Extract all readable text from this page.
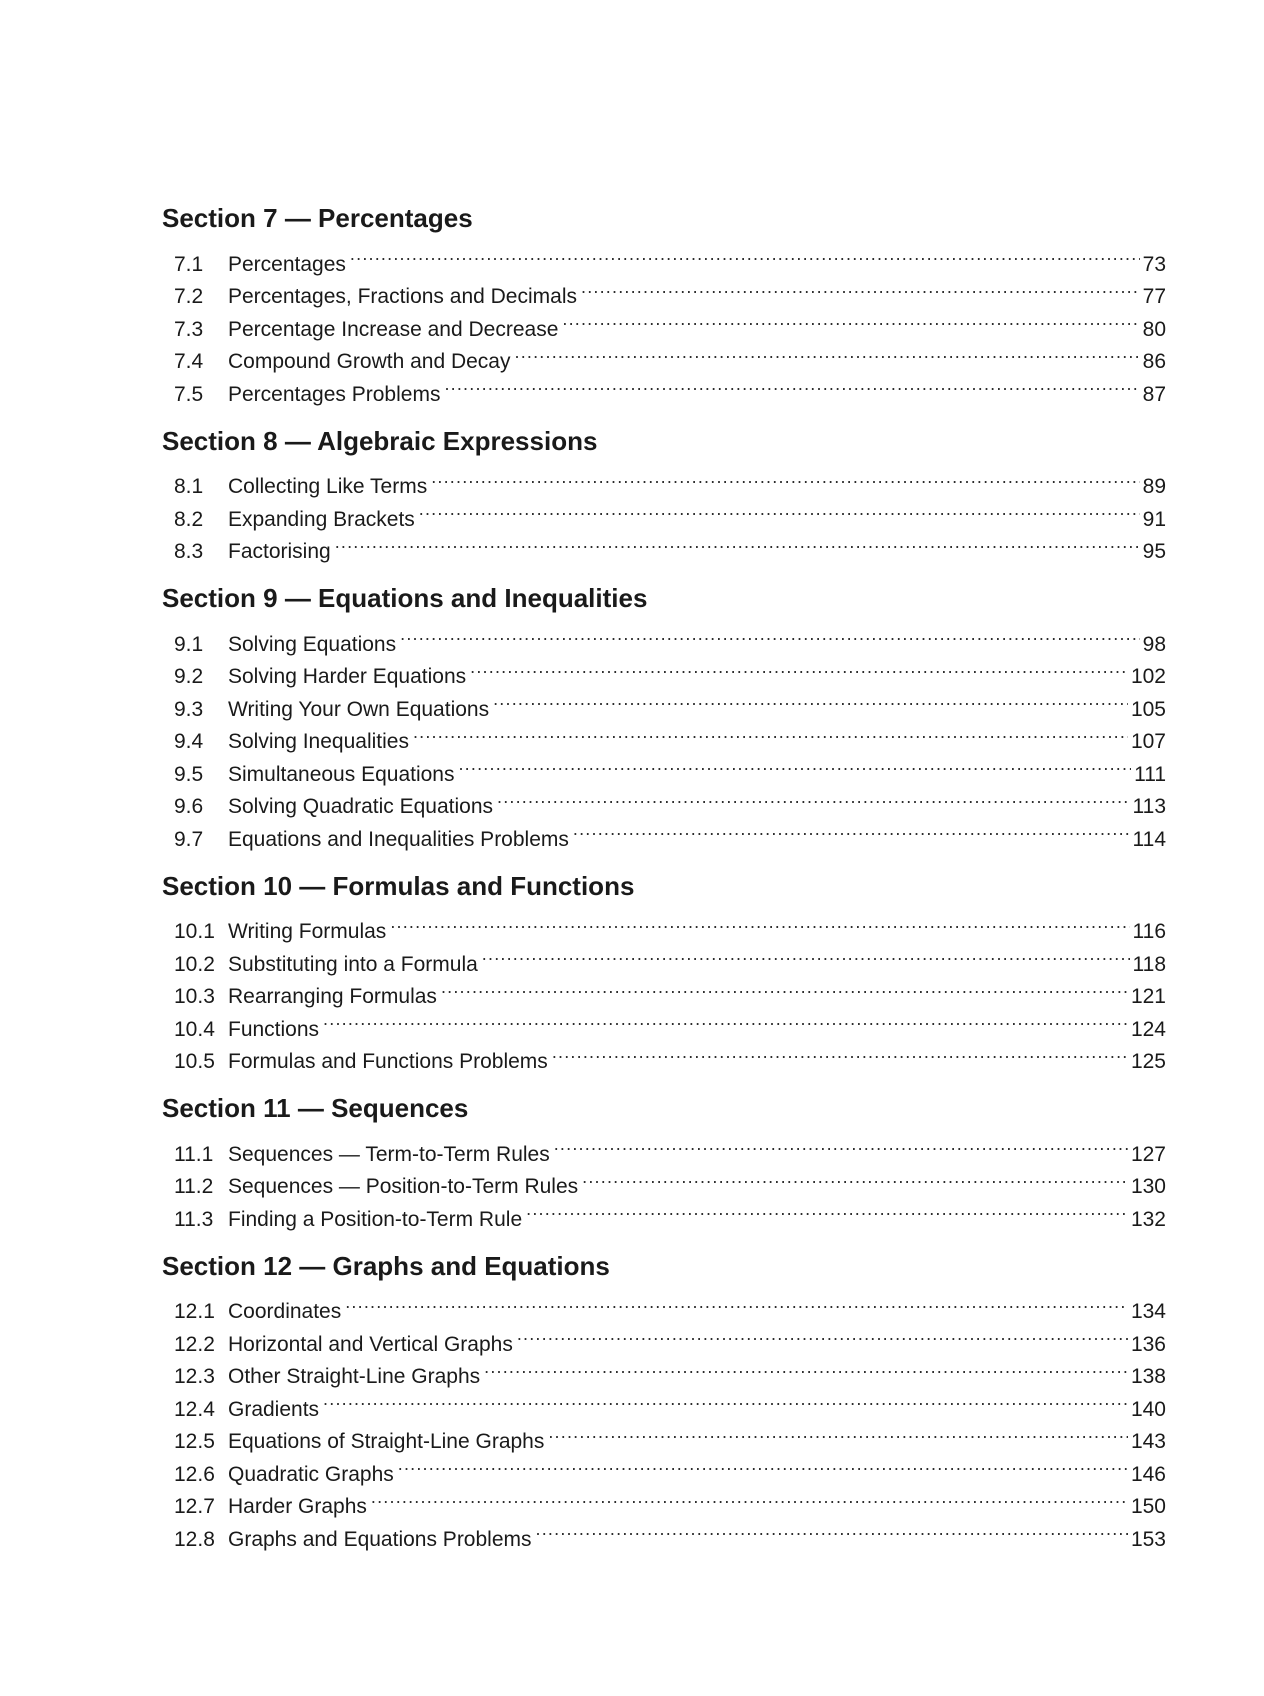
Section 7 — Percentages
7.1	Percentages .....	73
7.2	Percentages, Fractions and Decimals .....	77
7.3	Percentage Increase and Decrease .....	80
7.4	Compound Growth and Decay .....	86
7.5	Percentages Problems .....	87
Section 8 — Algebraic Expressions
8.1	Collecting Like Terms .....	89
8.2	Expanding Brackets .....	91
8.3	Factorising .....	95
Section 9 — Equations and Inequalities
9.1	Solving Equations .....	98
9.2	Solving Harder Equations .....	102
9.3	Writing Your Own Equations .....	105
9.4	Solving Inequalities .....	107
9.5	Simultaneous Equations .....	111
9.6	Solving Quadratic Equations .....	113
9.7	Equations and Inequalities Problems .....	114
Section 10 — Formulas and Functions
10.1 Writing Formulas .....	116
10.2 Substituting into a Formula .....	118
10.3 Rearranging Formulas .....	121
10.4 Functions .....	124
10.5 Formulas and Functions Problems .....	125
Section 11 — Sequences
11.1 Sequences — Term-to-Term Rules .....	127
11.2 Sequences — Position-to-Term Rules .....	130
11.3 Finding a Position-to-Term Rule .....	132
Section 12 — Graphs and Equations
12.1 Coordinates .....	134
12.2 Horizontal and Vertical Graphs .....	136
12.3 Other Straight-Line Graphs .....	138
12.4 Gradients .....	140
12.5 Equations of Straight-Line Graphs .....	143
12.6 Quadratic Graphs .....	146
12.7 Harder Graphs .....	150
12.8 Graphs and Equations Problems .....	153
